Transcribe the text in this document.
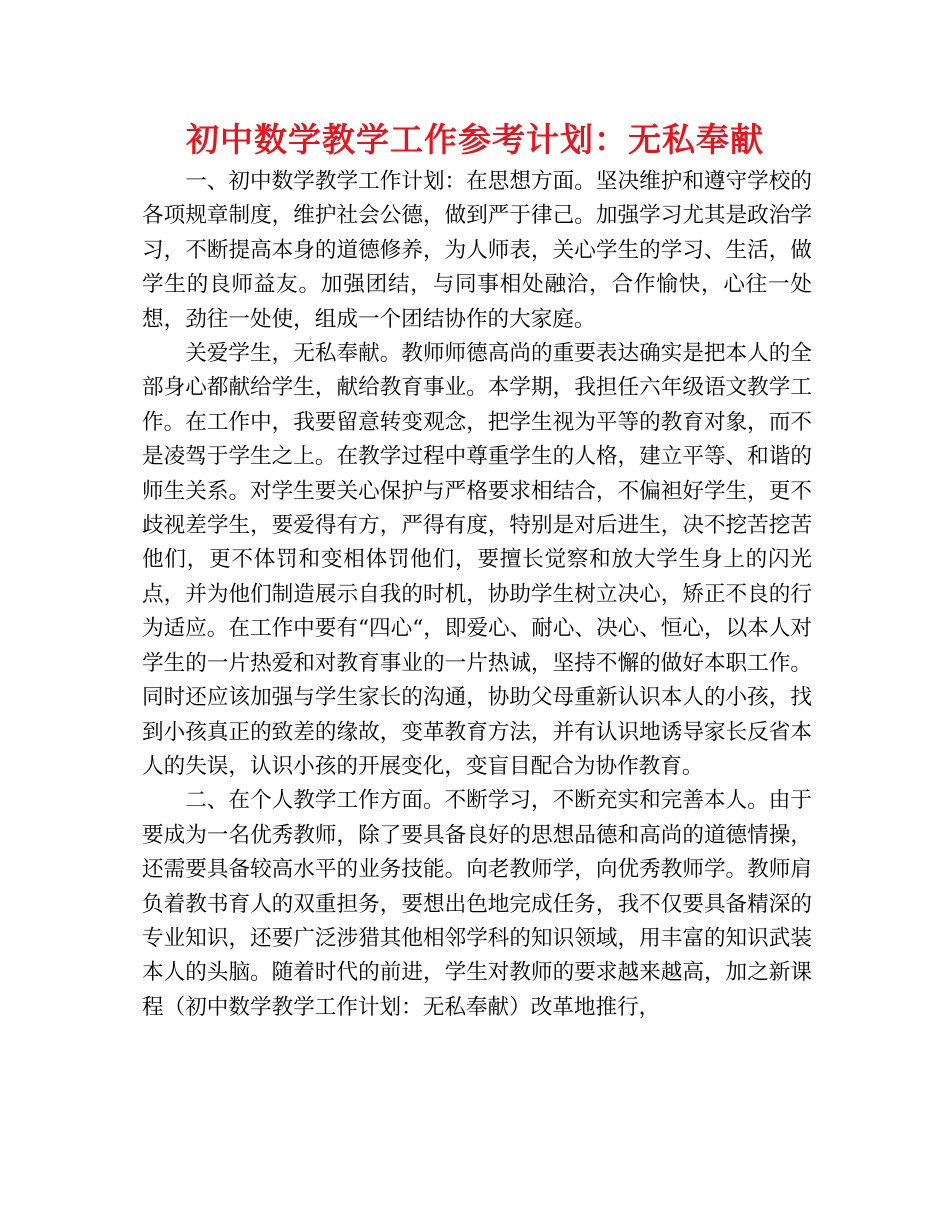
初中数学教学工作参考计划：无私奉献

一、初中数学教学工作计划：在思想方面。坚决维护和遵守学校的各项规章制度，维护社会公德，做到严于律己。加强学习尤其是政治学习，不断提高本身的道德修养，为人师表，关心学生的学习、生活，做学生的良师益友。加强团结，与同事相处融洽，合作愉快，心往一处想，劲往一处使，组成一个团结协作的大家庭。

关爱学生，无私奉献。教师师德高尚的重要表达确实是把本人的全部身心都献给学生，献给教育事业。本学期，我担任六年级语文教学工作。在工作中，我要留意转变观念，把学生视为平等的教育对象，而不是凌驾于学生之上。在教学过程中尊重学生的人格，建立平等、和谐的师生关系。对学生要关心保护与严格要求相结合，不偏袒好学生，更不歧视差学生，要爱得有方，严得有度，特别是对后进生，决不挖苦挖苦他们，更不体罚和变相体罚他们，要擅长觉察和放大学生身上的闪光点，并为他们制造展示自我的时机，协助学生树立决心，矫正不良的行为适应。在工作中要有“四心“，即爱心、耐心、决心、恒心，以本人对学生的一片热爱和对教育事业的一片热诚，坚持不懈的做好本职工作。同时还应该加强与学生家长的沟通，协助父母重新认识本人的小孩，找到小孩真正的致差的缘故，变革教育方法，并有认识地诱导家长反省本人的失误，认识小孩的开展变化，变盲目配合为协作教育。

二、在个人教学工作方面。不断学习，不断充实和完善本人。由于要成为一名优秀教师，除了要具备良好的思想品德和高尚的道德情操，还需要具备较高水平的业务技能。向老教师学，向优秀教师学。教师肩负着教书育人的双重担务，要想出色地完成任务，我不仅要具备精深的专业知识，还要广泛涉猎其他相邻学科的知识领域，用丰富的知识武装本人的头脑。随着时代的前进，学生对教师的要求越来越高，加之新课程（初中数学教学工作计划：无私奉献）改革地推行，
